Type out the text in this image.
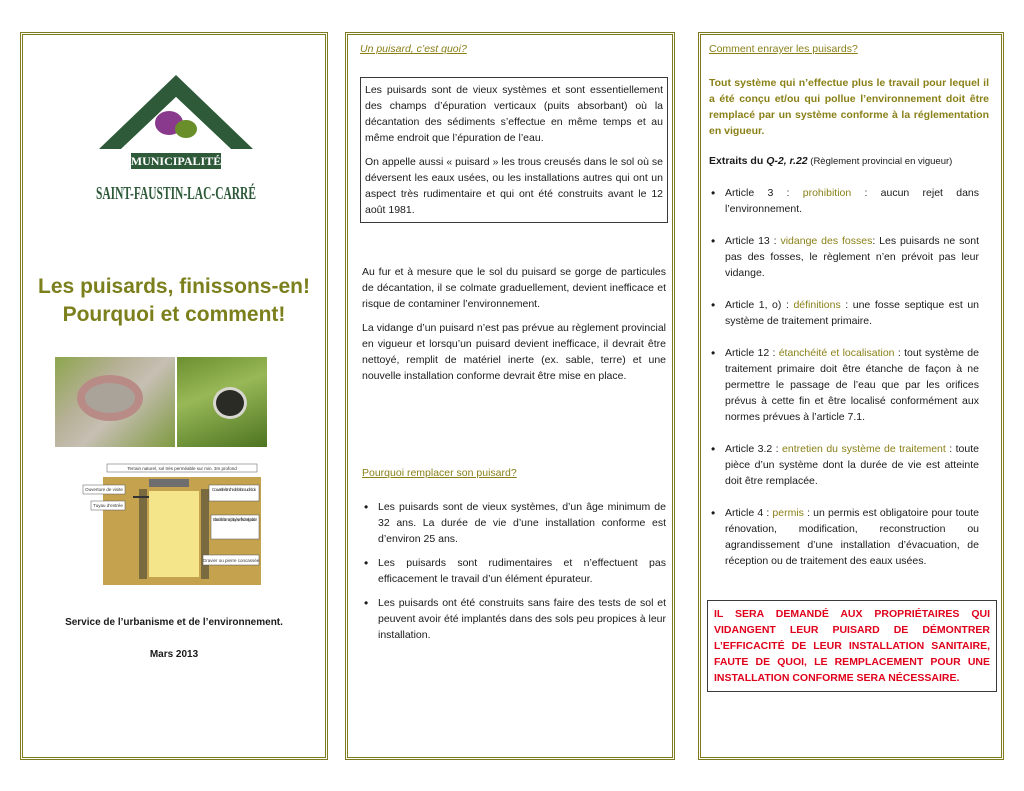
MUNICIPALITÉ
SAINT-FAUSTIN-LAC-CARRÉ
Les puisards, finissons-en!
Pourquoi et comment!
Terrain naturel, sol très perméable sur min. 3m profond
Ouverture de visite	Couvercle étanche de béton ou de bois
Tuyau d'entrée
Blocs de béton non jointoyés, enfilés dans tige d'acier
Gravier ou pierre concassée
Service de l’urbanisme et de l’environnement.
Mars 2013
Un puisard, c’est quoi?

Les puisards sont de vieux systèmes et sont essentiellement des champs d’épuration verticaux (puits absorbant) où la décantation des sédiments s’effectue en même temps et au même endroit que l’épuration de l’eau.

On appelle aussi « puisard » les trous creusés dans le sol où se déversent les eaux usées, ou les installations autres qui ont un aspect très rudimentaire et qui ont été construits avant le 12 août 1981.

Au fur et à mesure que le sol du puisard se gorge de particules de décantation, il se colmate graduellement, devient inefficace et risque de contaminer l’environnement.

La vidange d’un puisard n’est pas prévue au règlement provincial en vigueur et lorsqu’un puisard devient inefficace, il devrait être nettoyé, remplit de matériel inerte (ex. sable, terre) et une nouvelle installation conforme devrait être mise en place.

Pourquoi remplacer son puisard?
• Les puisards sont de vieux systèmes, d’un âge minimum de 32 ans. La durée de vie d’une installation conforme est d’environ 25 ans.
• Les puisards sont rudimentaires et n’effectuent pas efficacement le travail d’un élément épurateur.
• Les puisards ont été construits sans faire des tests de sol et peuvent avoir été implantés dans des sols peu propices à leur installation.
Comment enrayer les puisards?
Tout système qui n’effectue plus le travail pour lequel il a été conçu et/ou qui pollue l’environnement doit être remplacé par un système conforme à la réglementation en vigueur.
Extraits du Q-2, r.22 (Règlement provincial en vigueur)
• Article 3 : prohibition : aucun rejet dans l’environnement.
• Article 13 : vidange des fosses: Les puisards ne sont pas des fosses, le règlement n’en prévoit pas leur vidange.
• Article 1, o) : définitions : une fosse septique est un système de traitement primaire.
• Article 12 : étanchéité et localisation : tout système de traitement primaire doit être étanche de façon à ne permettre le passage de l’eau que par les orifices prévus à cette fin et être localisé conformément aux normes prévues à l’article 7.1.
• Article 3.2 : entretien du système de traitement : toute pièce d’un système dont la durée de vie est atteinte doit être remplacée.
• Article 4 : permis : un permis est obligatoire pour toute rénovation, modification, reconstruction ou agrandissement d’une installation d’évacuation, de réception ou de traitement des eaux usées.
IL SERA DEMANDÉ AUX PROPRIÉTAIRES QUI VIDANGENT LEUR PUISARD DE DÉMONTRER L’EFFICACITÉ DE LEUR INSTALLATION SANITAIRE, FAUTE DE QUOI, LE REMPLACEMENT POUR UNE INSTALLATION CONFORME SERA NÉCESSAIRE.
